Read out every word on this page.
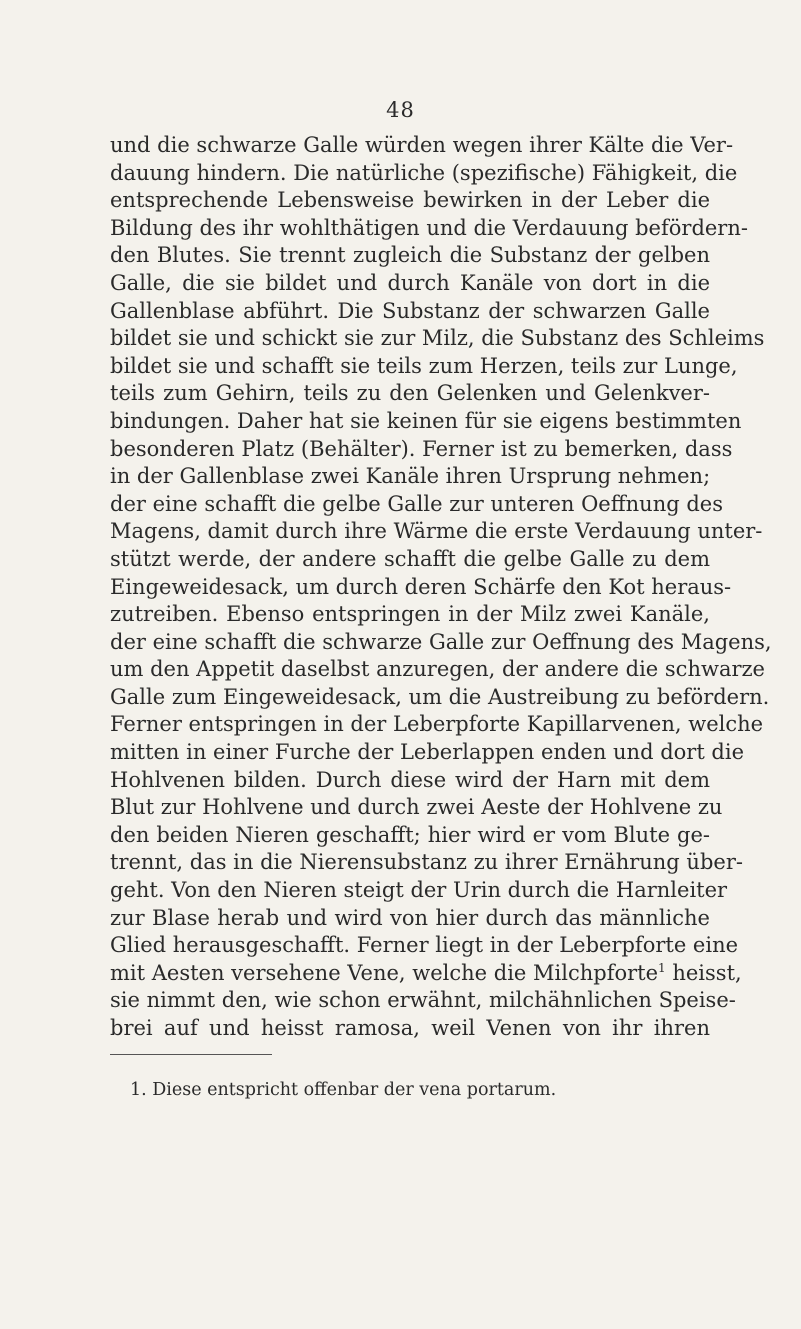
48
und die schwarze Galle würden wegen ihrer Kälte die Ver-
dauung hindern. Die natürliche (spezifische) Fähigkeit, die
entsprechende Lebensweise bewirken in der Leber die
Bildung des ihr wohlthätigen und die Verdauung befördern-
den Blutes. Sie trennt zugleich die Substanz der gelben
Galle, die sie bildet und durch Kanäle von dort in die
Gallenblase abführt. Die Substanz der schwarzen Galle
bildet sie und schickt sie zur Milz, die Substanz des Schleims
bildet sie und schafft sie teils zum Herzen, teils zur Lunge,
teils zum Gehirn, teils zu den Gelenken und Gelenkver-
bindungen. Daher hat sie keinen für sie eigens bestimmten
besonderen Platz (Behälter). Ferner ist zu bemerken, dass
in der Gallenblase zwei Kanäle ihren Ursprung nehmen;
der eine schafft die gelbe Galle zur unteren Oeffnung des
Magens, damit durch ihre Wärme die erste Verdauung unter-
stützt werde, der andere schafft die gelbe Galle zu dem
Eingeweidesack, um durch deren Schärfe den Kot heraus-
zutreiben. Ebenso entspringen in der Milz zwei Kanäle,
der eine schafft die schwarze Galle zur Oeffnung des Magens,
um den Appetit daselbst anzuregen, der andere die schwarze
Galle zum Eingeweidesack, um die Austreibung zu befördern.
Ferner entspringen in der Leberpforte Kapillarvenen, welche
mitten in einer Furche der Leberlappen enden und dort die
Hohlvenen bilden. Durch diese wird der Harn mit dem
Blut zur Hohlvene und durch zwei Aeste der Hohlvene zu
den beiden Nieren geschafft; hier wird er vom Blute ge-
trennt, das in die Nierensubstanz zu ihrer Ernährung über-
geht. Von den Nieren steigt der Urin durch die Harnleiter
zur Blase herab und wird von hier durch das männliche
Glied herausgeschafft. Ferner liegt in der Leberpforte eine
mit Aesten versehene Vene, welche die Milchpforte$^1$ heisst,
sie nimmt den, wie schon erwähnt, milchähnlichen Speise-
brei auf und heisst ramosa, weil Venen von ihr ihren
1. Diese entspricht offenbar der vena portarum.
